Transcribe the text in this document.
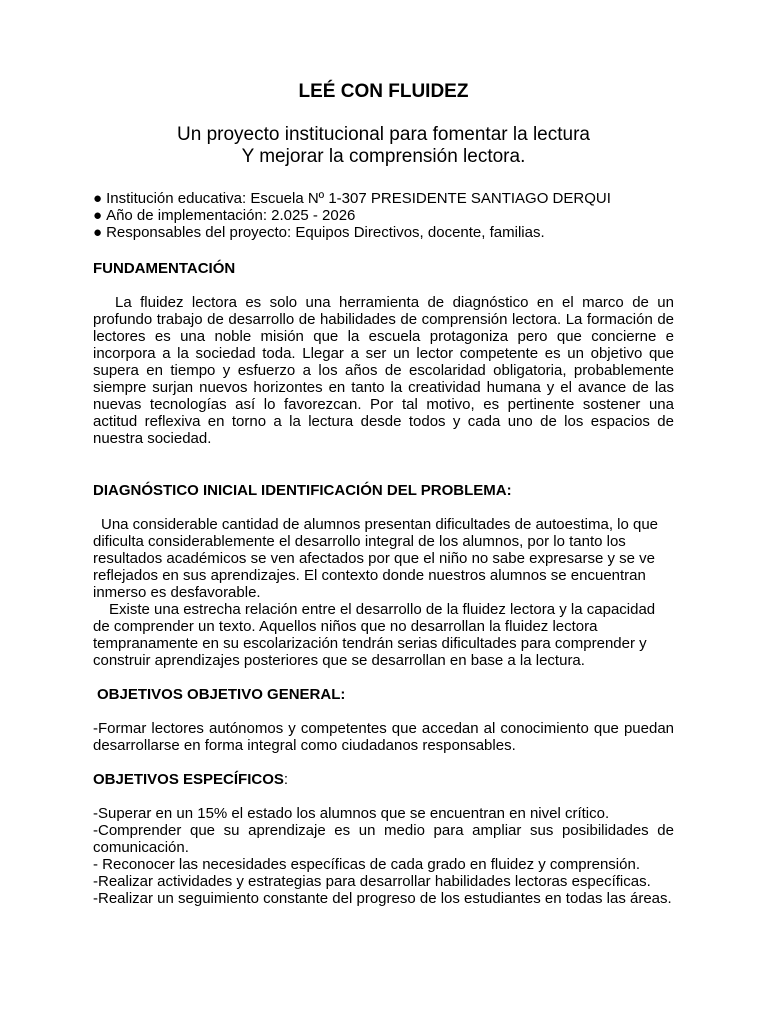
LEÉ CON FLUIDEZ
Un proyecto institucional para fomentar la lectura
Y mejorar la comprensión lectora.
● Institución educativa: Escuela Nº 1-307 PRESIDENTE SANTIAGO DERQUI
● Año de implementación: 2.025 - 2026
● Responsables del proyecto: Equipos Directivos, docente, familias.
FUNDAMENTACIÓN

La fluidez lectora es solo una herramienta de diagnóstico en el marco de un profundo trabajo de desarrollo de habilidades de comprensión lectora. La formación de lectores es una noble misión que la escuela protagoniza pero que concierne e incorpora a la sociedad toda. Llegar a ser un lector competente es un objetivo que supera en tiempo y esfuerzo a los años de escolaridad obligatoria, probablemente siempre surjan nuevos horizontes en tanto la creatividad humana y el avance de las nuevas tecnologías así lo favorezcan. Por tal motivo, es pertinente sostener una actitud reflexiva en torno a la lectura desde todos y cada uno de los espacios de nuestra sociedad.

DIAGNÓSTICO INICIAL IDENTIFICACIÓN DEL PROBLEMA:

Una considerable cantidad de alumnos presentan dificultades de autoestima, lo que dificulta considerablemente el desarrollo integral de los alumnos, por lo tanto los resultados académicos se ven afectados por que el niño no sabe expresarse y se ve reflejados en sus aprendizajes. El contexto donde nuestros alumnos se encuentran inmerso es desfavorable.

Existe una estrecha relación entre el desarrollo de la fluidez lectora y la capacidad de comprender un texto. Aquellos niños que no desarrollan la fluidez lectora tempranamente en su escolarización tendrán serias dificultades para comprender y construir aprendizajes posteriores que se desarrollan en base a la lectura.

OBJETIVOS OBJETIVO GENERAL:

-Formar lectores autónomos y competentes que accedan al conocimiento que puedan desarrollarse en forma integral como ciudadanos responsables.

OBJETIVOS ESPECÍFICOS:
-Superar en un 15% el estado los alumnos que se encuentran en nivel crítico.
-Comprender que su aprendizaje es un medio para ampliar sus posibilidades de comunicación.
- Reconocer las necesidades específicas de cada grado en fluidez y comprensión.
-Realizar actividades y estrategias para desarrollar habilidades lectoras específicas.
-Realizar un seguimiento constante del progreso de los estudiantes en todas las áreas.
